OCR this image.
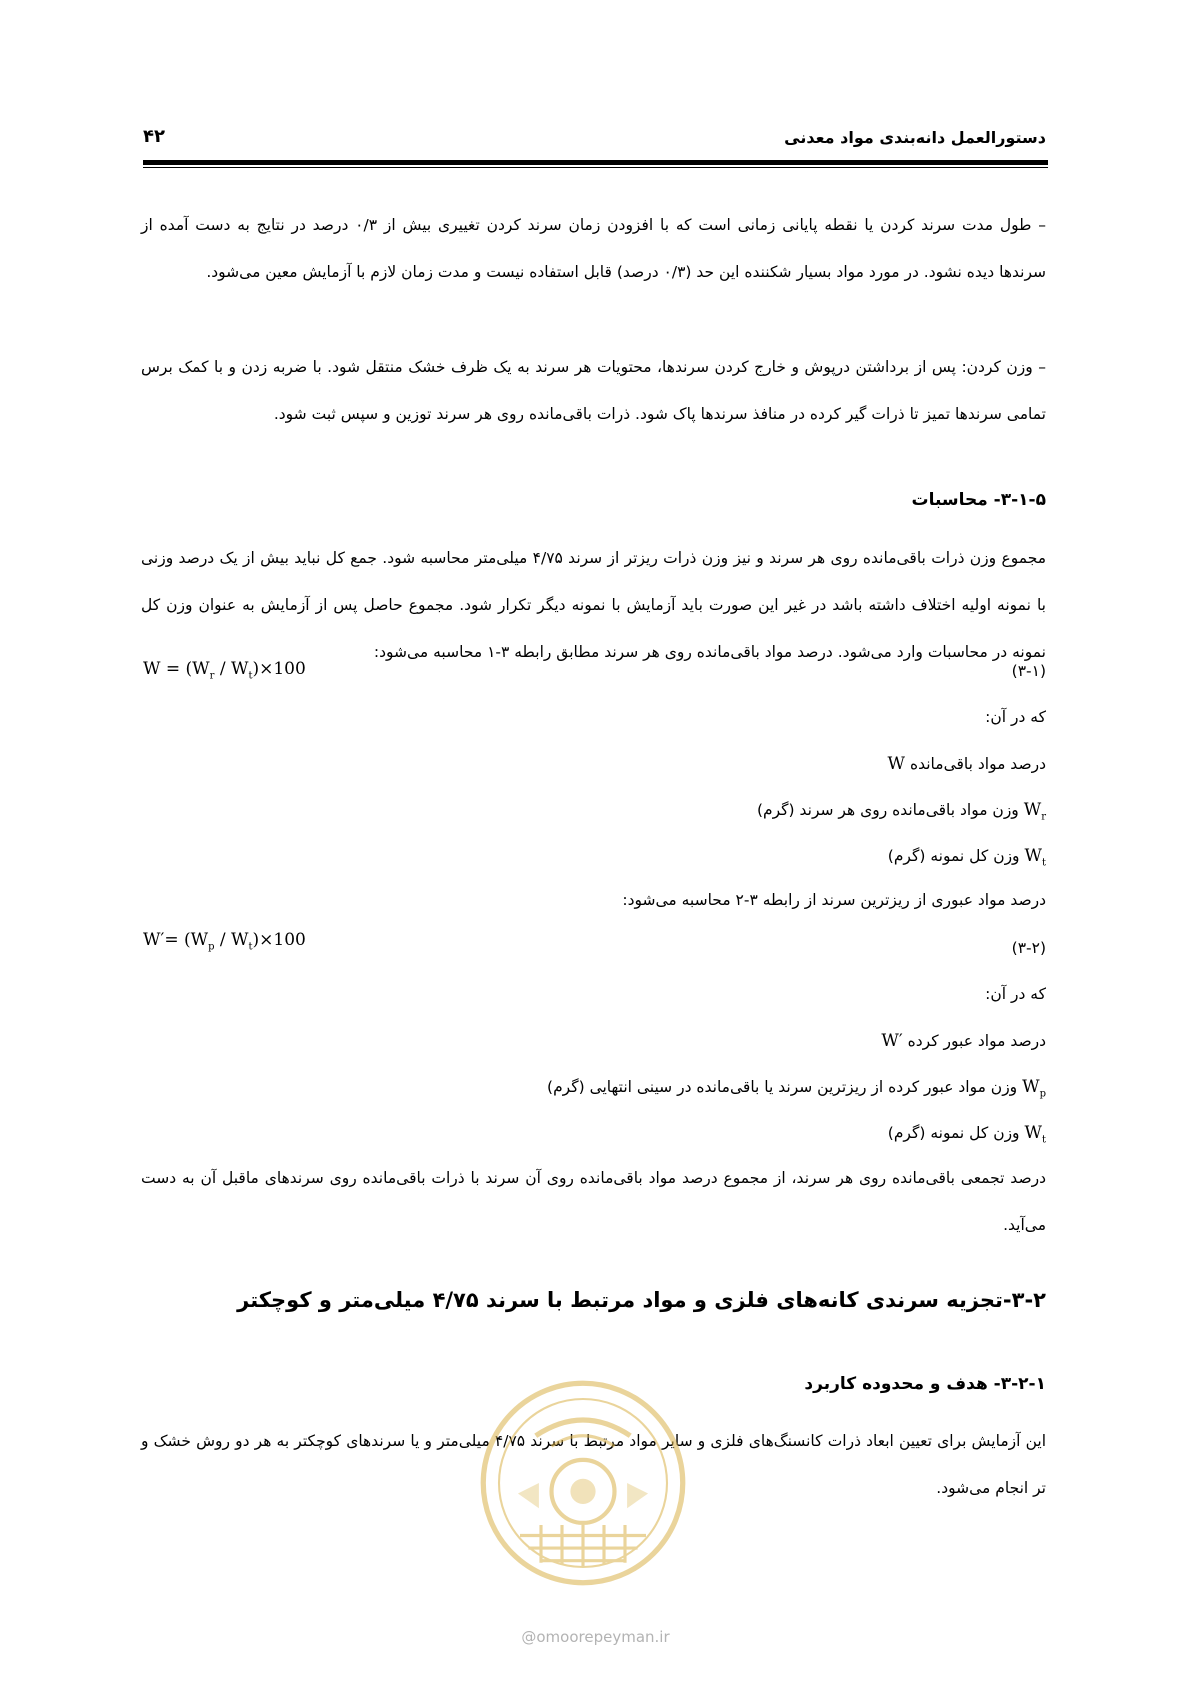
دستورالعمل دانه‌بندی مواد معدنی
۴۲
– طول مدت سرند کردن یا نقطه پایانی زمانی است که با افزودن زمان سرند کردن تغییری بیش از ۰/۳ درصد در نتایج به دست آمده از سرندها دیده نشود. در مورد مواد بسیار شکننده این حد (۰/۳ درصد) قابل استفاده نیست و مدت زمان لازم با آزمایش معین می‌شود.
– وزن کردن: پس از برداشتن درپوش و خارج کردن سرندها، محتویات هر سرند به یک ظرف خشک منتقل شود. با ضربه زدن و با کمک برس تمامی سرندها تمیز تا ذرات گیر کرده در منافذ سرندها پاک شود. ذرات باقی‌مانده روی هر سرند توزین و سپس ثبت شود.
۳-۱-۵- محاسبات
مجموع وزن ذرات باقی‌مانده روی هر سرند و نیز وزن ذرات ریزتر از سرند ۴/۷۵ میلی‌متر محاسبه شود. جمع کل نباید بیش از یک درصد وزنی با نمونه اولیه اختلاف داشته باشد در غیر این صورت باید آزمایش با نمونه دیگر تکرار شود. مجموع حاصل پس از آزمایش به عنوان وزن کل نمونه در محاسبات وارد می‌شود. درصد مواد باقی‌مانده روی هر سرند مطابق رابطه ۳-۱ محاسبه می‌شود:
$W = (W_r / W_t)\times 100$	(۳-۱)
که در آن:
W درصد مواد باقی‌مانده
$W_r$ وزن مواد باقی‌مانده روی هر سرند (گرم)
$W_t$ وزن کل نمونه (گرم)
درصد مواد عبوری از ریزترین سرند از رابطه ۳-۲ محاسبه می‌شود:
$W'= (W_p / W_t)\times 100$	(۳-۲)
که در آن:
W′ درصد مواد عبور کرده
$W_p$ وزن مواد عبور کرده از ریزترین سرند یا باقی‌مانده در سینی انتهایی (گرم)
$W_t$ وزن کل نمونه (گرم)
درصد تجمعی باقی‌مانده روی هر سرند، از مجموع درصد مواد باقی‌مانده روی آن سرند با ذرات باقی‌مانده روی سرندهای ماقبل آن به دست می‌آید.
۳-۲-تجزیه سرندی کانه‌های فلزی و مواد مرتبط با سرند ۴/۷۵ میلی‌متر و کوچکتر
۳-۲-۱- هدف و محدوده کاربرد
این آزمایش برای تعیین ابعاد ذرات کانسنگ‌های فلزی و سایر مواد مرتبط با سرند ۴/۷۵ میلی‌متر و یا سرندهای کوچکتر به هر دو روش خشک و تر انجام می‌شود.
@omoorepeyman.ir
